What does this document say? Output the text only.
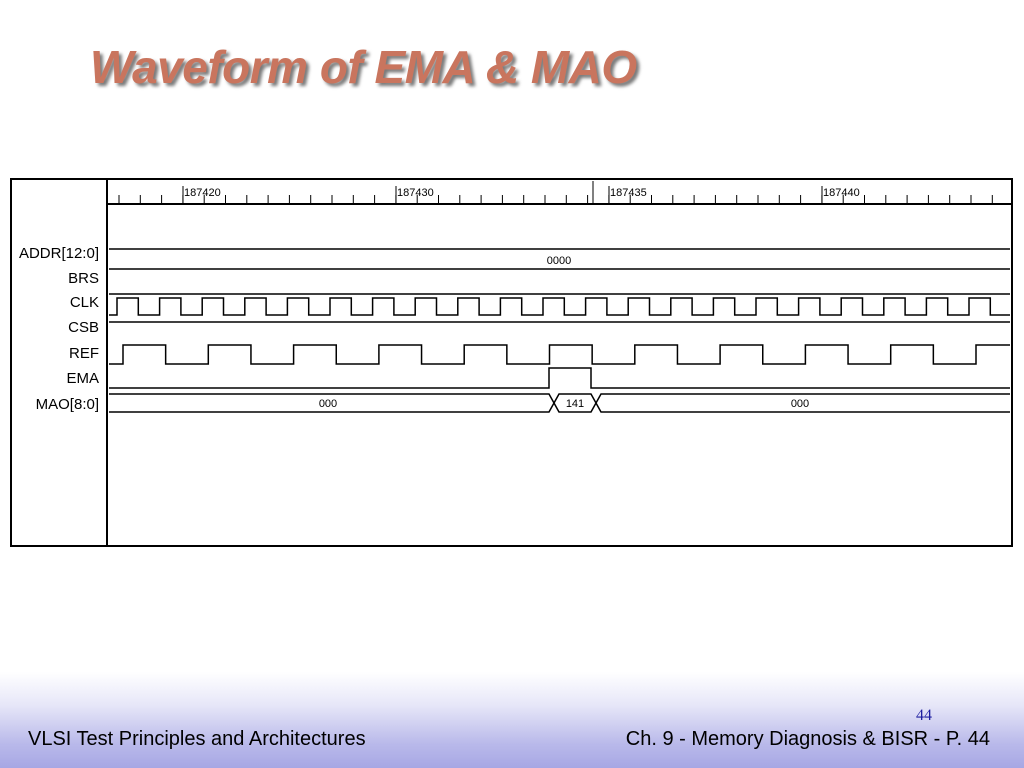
Waveform of EMA & MAO
187420	187430	187435	187440
ADDR[12:0]
BRS
CLK
CSB
REF
EMA
MAO[8:0]
0000
000	141	000
44
VLSI Test Principles and Architectures	Ch. 9 - Memory Diagnosis & BISR - P. 44
